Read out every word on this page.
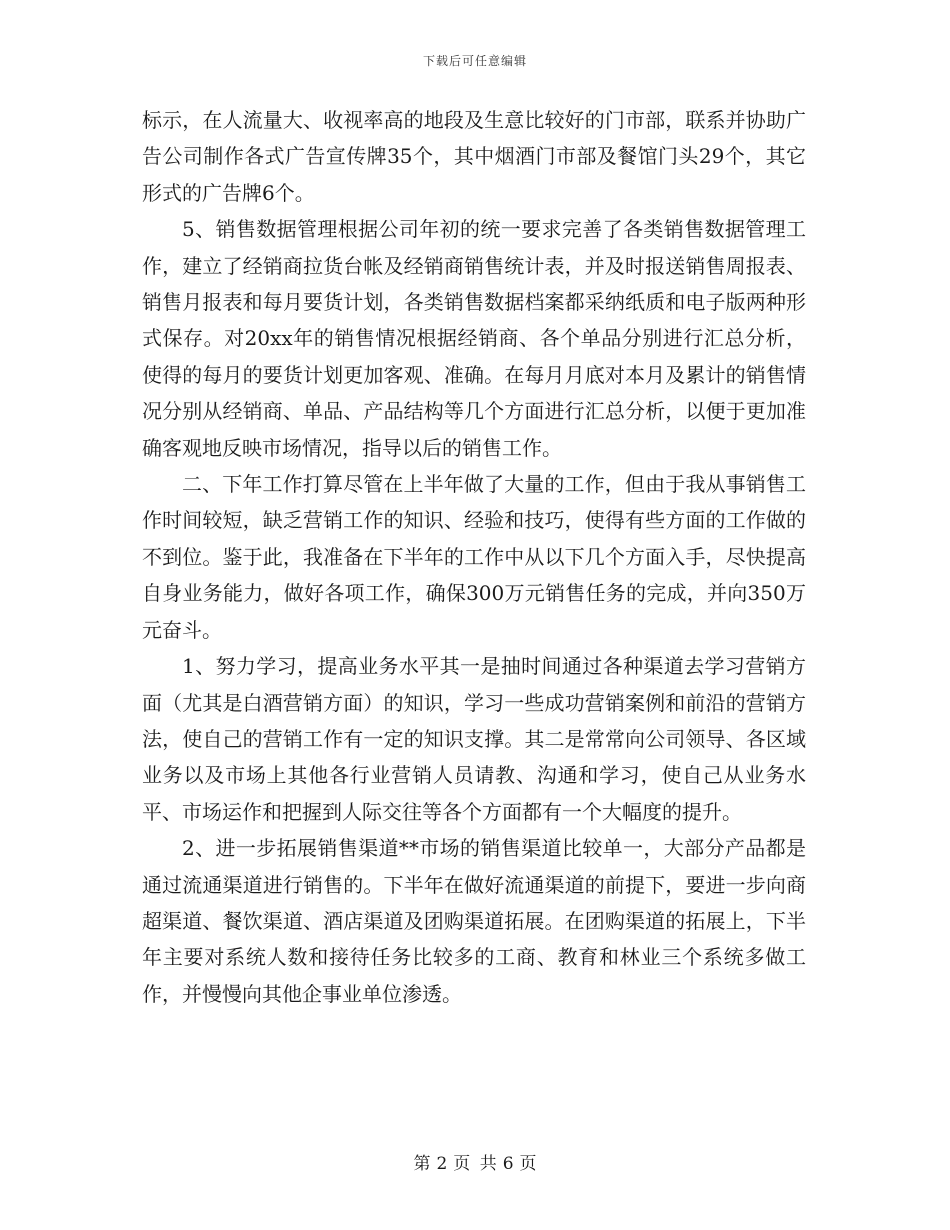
下载后可任意编辑

标示，在人流量大、收视率高的地段及生意比较好的门市部，联系并协助广告公司制作各式广告宣传牌35个，其中烟酒门市部及餐馆门头29个，其它形式的广告牌6个。

5、销售数据管理根据公司年初的统一要求完善了各类销售数据管理工作，建立了经销商拉货台帐及经销商销售统计表，并及时报送销售周报表、销售月报表和每月要货计划，各类销售数据档案都采纳纸质和电子版两种形式保存。对20xx年的销售情况根据经销商、各个单品分别进行汇总分析，使得的每月的要货计划更加客观、准确。在每月月底对本月及累计的销售情况分别从经销商、单品、产品结构等几个方面进行汇总分析，以便于更加准确客观地反映市场情况，指导以后的销售工作。

二、下年工作打算尽管在上半年做了大量的工作，但由于我从事销售工作时间较短，缺乏营销工作的知识、经验和技巧，使得有些方面的工作做的不到位。鉴于此，我准备在下半年的工作中从以下几个方面入手，尽快提高自身业务能力，做好各项工作，确保300万元销售任务的完成，并向350万元奋斗。

1、努力学习，提高业务水平其一是抽时间通过各种渠道去学习营销方面（尤其是白酒营销方面）的知识，学习一些成功营销案例和前沿的营销方法，使自己的营销工作有一定的知识支撑。其二是常常向公司领导、各区域业务以及市场上其他各行业营销人员请教、沟通和学习，使自己从业务水平、市场运作和把握到人际交往等各个方面都有一个大幅度的提升。

2、进一步拓展销售渠道**市场的销售渠道比较单一，大部分产品都是通过流通渠道进行销售的。下半年在做好流通渠道的前提下，要进一步向商超渠道、餐饮渠道、酒店渠道及团购渠道拓展。在团购渠道的拓展上，下半年主要对系统人数和接待任务比较多的工商、教育和林业三个系统多做工作，并慢慢向其他企事业单位渗透。

第 2 页 共 6 页
